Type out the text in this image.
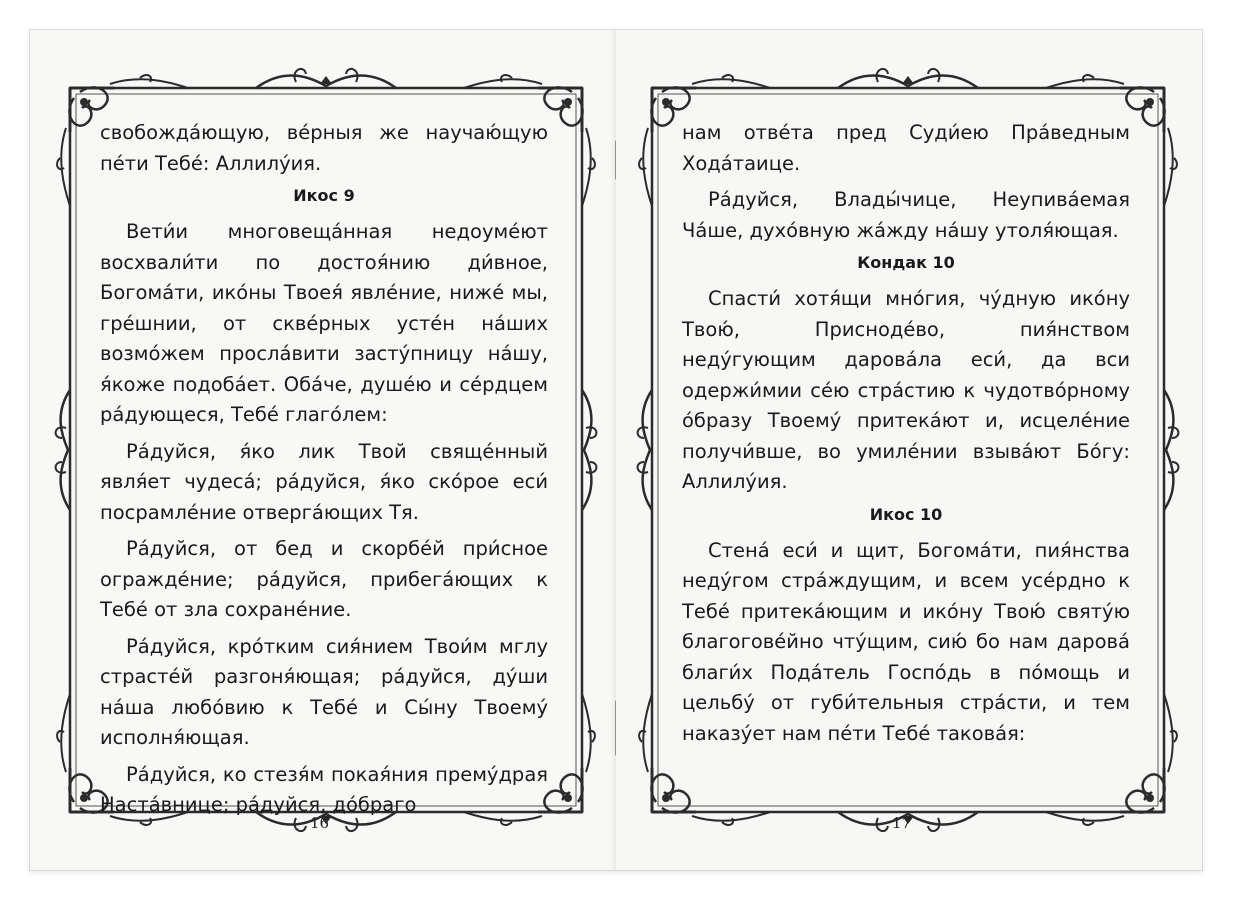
свобожда́ющую, ве́рныя же научаю́щую пе́ти Тебе́: Аллилу́ия.

Икос 9

Вети́и многовеща́нная недоуме́ют восхвали́ти по достоя́нию ди́вное, Богома́ти, ико́ны Твоея́ явле́ние, ниже́ мы, гре́шнии, от скве́рных усте́н на́ших возмо́жем просла́вити засту́пницу на́шу, я́коже подоба́ет. Оба́че, душе́ю и се́рдцем ра́дующеся, Тебе́ глаго́лем:

Ра́дуйся, я́ко лик Твой свяще́нный явля́ет чудеса́; ра́дуйся, я́ко ско́рое еси́ посрамле́ние отверга́ющих Тя.

Ра́дуйся, от бед и скорбе́й при́сное огражде́ние; ра́дуйся, прибега́ющих к Тебе́ от зла сохране́ние.

Ра́дуйся, кро́тким сия́нием Твои́м мглу страсте́й разгоня́ющая; ра́дуйся, ду́ши на́ша любо́вию к Тебе́ и Сы́ну Твоему́ исполня́ющая.

Ра́дуйся, ко стезя́м покая́ния прему́драя Наста́внице; ра́дуйся, до́браго

16

нам отве́та пред Суди́ею Пра́ведным Хода́таице.

Ра́дуйся, Влады́чице, Неупива́емая Ча́ше, духо́вную жа́жду на́шу утоля́ющая.

Кондак 10

Спасти́ хотя́щи мно́гия, чу́дную ико́ну Твою́, Присноде́во, пия́нством неду́гующим дарова́ла еси́, да вси одержи́мии се́ю стра́стию к чудотво́рному о́бразу Твоему́ притека́ют и, исцеле́ние получи́вше, во умиле́нии взыва́ют Бо́гу: Аллилу́ия.

Икос 10

Стена́ еси́ и щит, Богома́ти, пия́нства неду́гом стра́ждущим, и всем усе́рдно к Тебе́ притека́ющим и ико́ну Твою́ святу́ю благогове́йно чту́щим, сию́ бо нам дарова́ благи́х Пода́тель Госпо́дь в по́мощь и цельбу́ от губи́тельныя стра́сти, и тем наказу́ет нам пе́ти Тебе́ такова́я:

17
